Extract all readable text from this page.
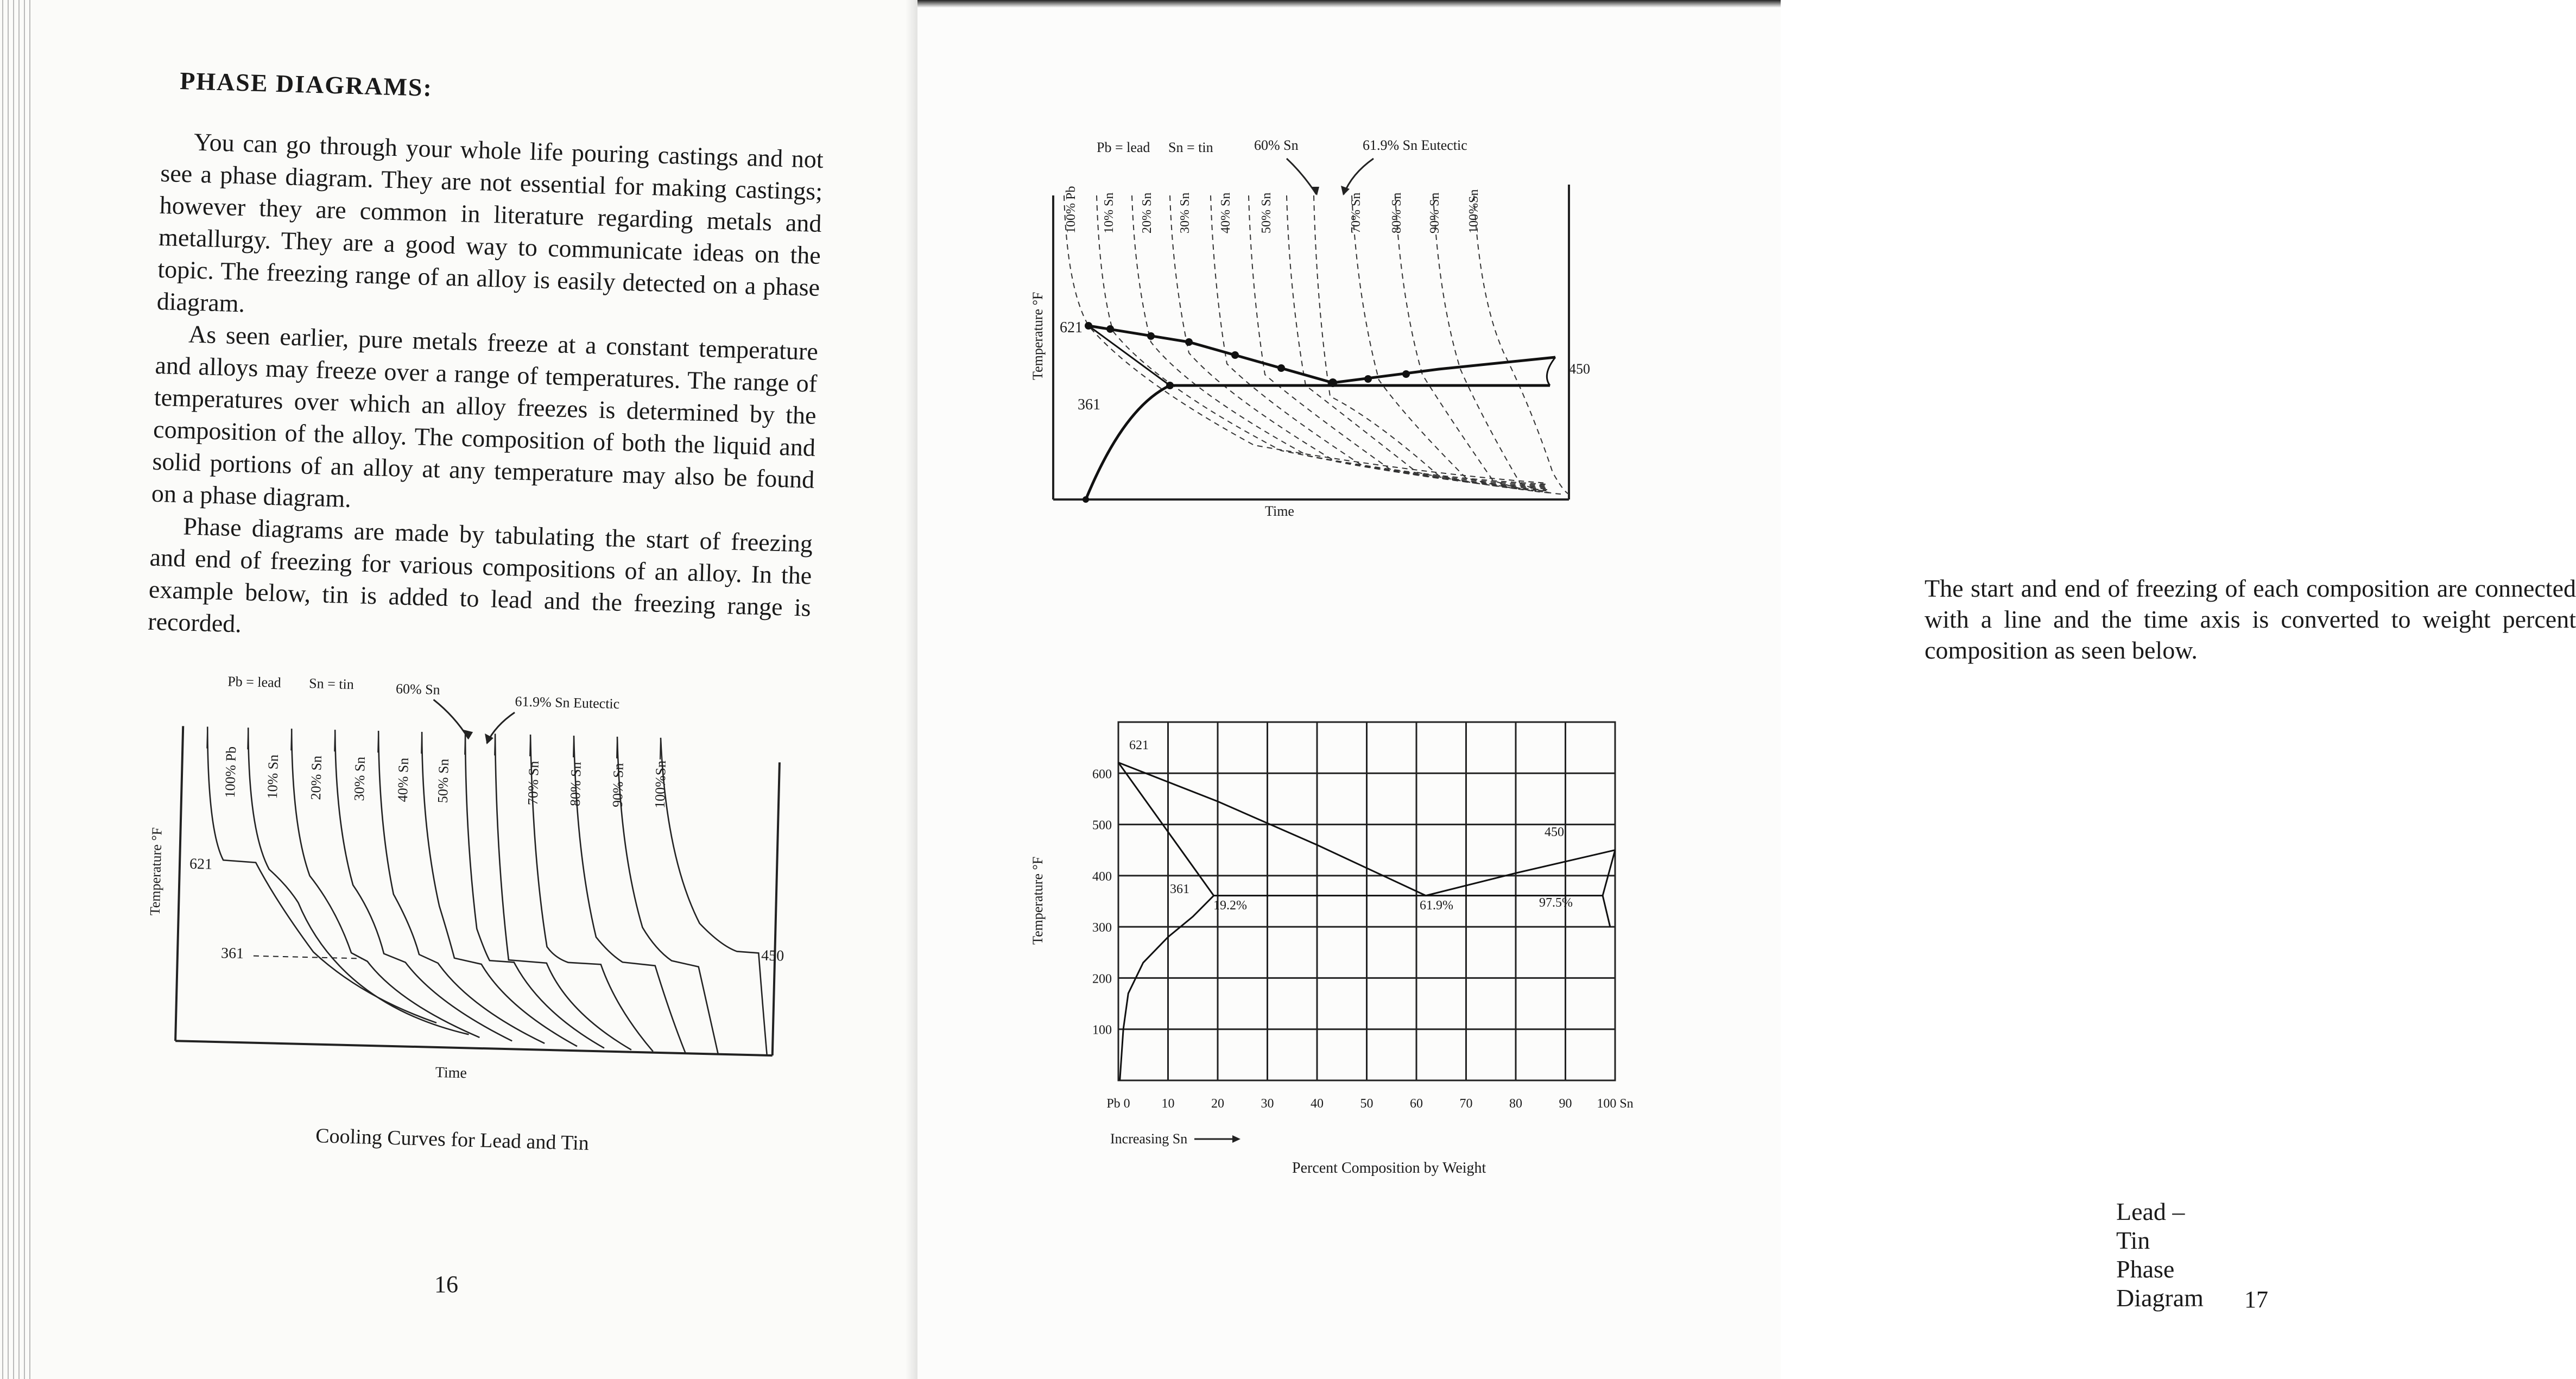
PHASE DIAGRAMS:

You can go through your whole life pouring castings and not see a phase diagram. They are not essential for making castings; however they are common in literature regarding metals and metallurgy. They are a good way to communicate ideas on the topic. The freezing range of an alloy is easily detected on a phase diagram.

As seen earlier, pure metals freeze at a constant temperature and alloys may freeze over a range of temperatures. The range of temperatures over which an alloy freezes is determined by the composition of the alloy. The composition of both the liquid and solid portions of an alloy at any temperature may also be found on a phase diagram.

Phase diagrams are made by tabulating the start of freezing and end of freezing for various compositions of an alloy. In the example below, tin is added to lead and the freezing range is recorded.

Pb = lead Sn = tin	60% Sn
61.9% Sn Eutectic
Temperature °F
Time
621
361	450
100% Pb 10% Sn 20% Sn 30% Sn 40% Sn 50% Sn	70% Sn 80% Sn 90% Sn 100%Sn
Cooling Curves for Lead and Tin
16
Pb = lead Sn = tin	60% Sn	61.9% Sn Eutectic
Temperature °F
Time
621
361
450
100% Pb 10% Sn 20% Sn 30% Sn 40% Sn 50% Sn	70% Sn 80% Sn 90% Sn 100%Sn
The start and end of freezing of each composition are connected with a line and the time axis is converted to weight percent composition as seen below.
600
500
400
300
200
100
Pb 0 10	20	30	40	50	60	70	80	90 100 Sn
Temperature °F
Increasing Sn
Percent Composition by Weight
621
450
361
19.2%	61.9%	97.5%
Lead –Tin Phase Diagram 17
